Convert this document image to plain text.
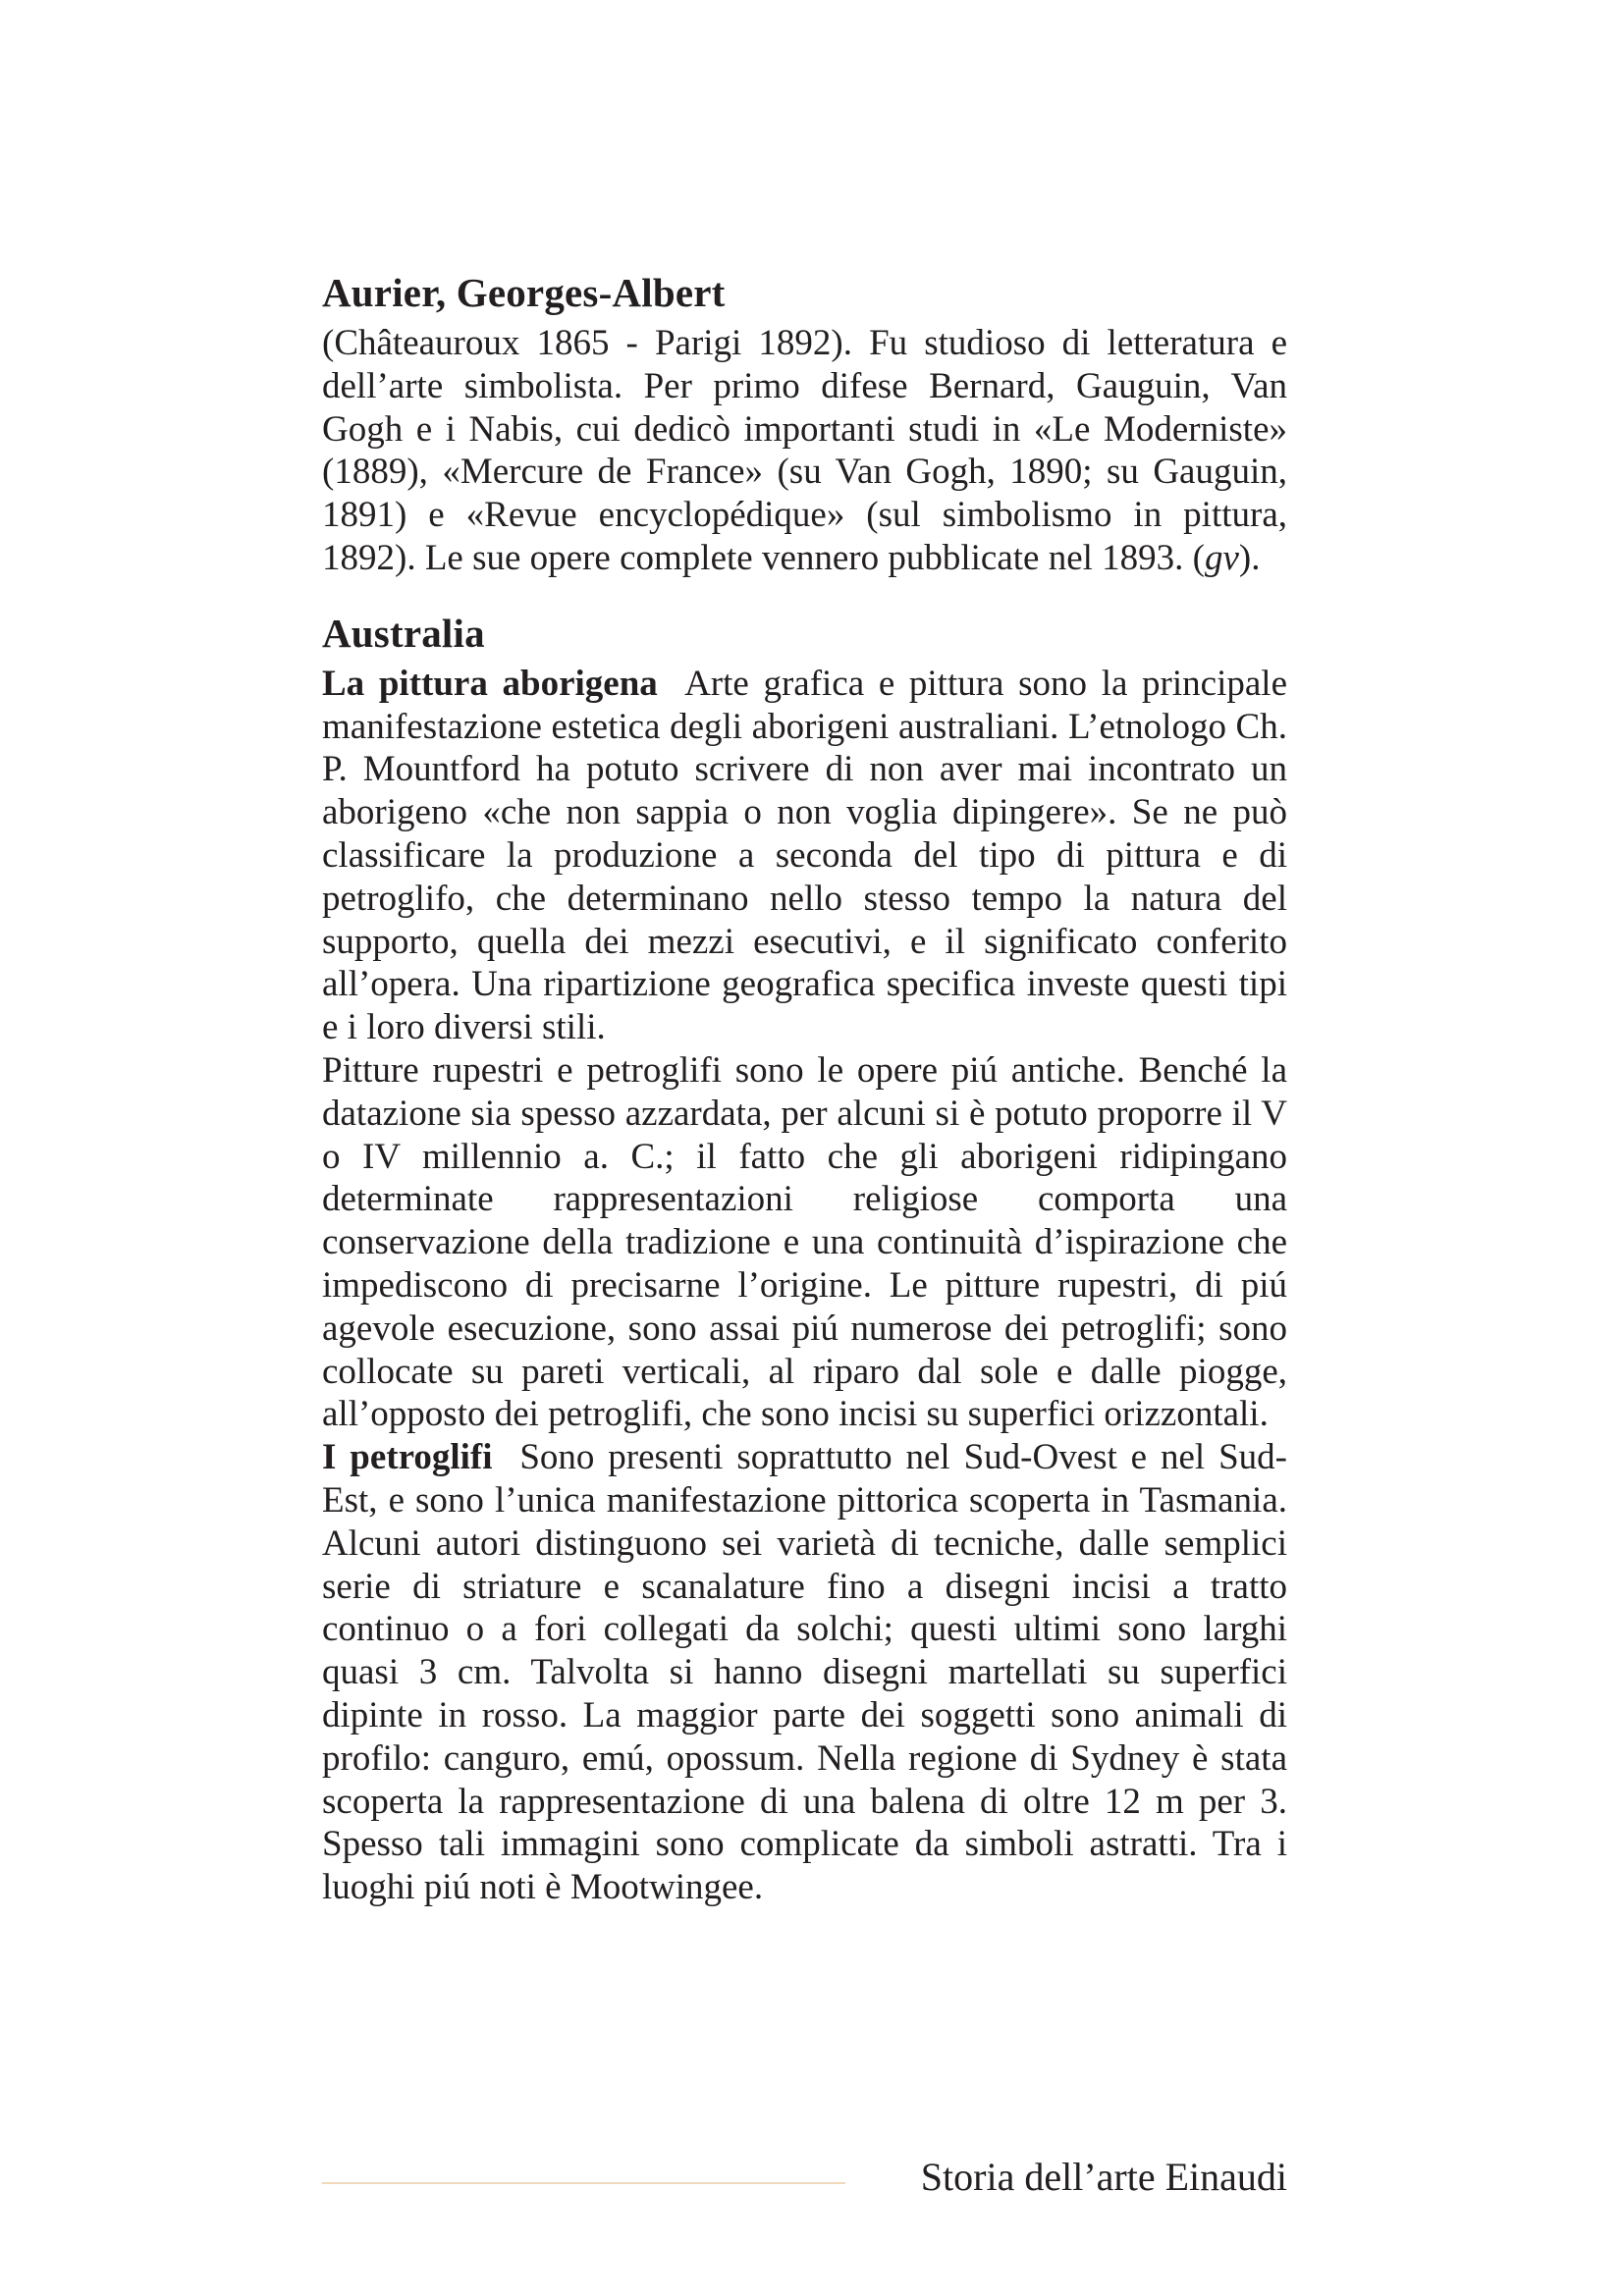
Aurier, Georges-Albert

(Châteauroux 1865 - Parigi 1892). Fu studioso di letteratura e dell’arte simbolista. Per primo difese Bernard, Gauguin, Van Gogh e i Nabis, cui dedicò importanti studi in «Le Moderniste» (1889), «Mercure de France» (su Van Gogh, 1890; su Gauguin, 1891) e «Revue encyclopédique» (sul simbolismo in pittura, 1892). Le sue opere complete vennero pubblicate nel 1893. (gv).

Australia

La pittura aborigena Arte grafica e pittura sono la principale manifestazione estetica degli aborigeni australiani. L’etnologo Ch. P. Mountford ha potuto scrivere di non aver mai incontrato un aborigeno «che non sappia o non voglia dipingere». Se ne può classificare la produzione a seconda del tipo di pittura e di petroglifo, che determinano nello stesso tempo la natura del supporto, quella dei mezzi esecutivi, e il significato conferito all’opera. Una ripartizione geografica specifica investe questi tipi e i loro diversi stili.

Pitture rupestri e petroglifi sono le opere piú antiche. Benché la datazione sia spesso azzardata, per alcuni si è potuto proporre il V o IV millennio a. C.; il fatto che gli aborigeni ridipingano determinate rappresentazioni religiose comporta una conservazione della tradizione e una continuità d’ispirazione che impediscono di precisarne l’origine. Le pitture rupestri, di piú agevole esecuzione, sono assai piú numerose dei petroglifi; sono collocate su pareti verticali, al riparo dal sole e dalle piogge, all’opposto dei petroglifi, che sono incisi su superfici orizzontali.

I petroglifi Sono presenti soprattutto nel Sud-Ovest e nel Sud-Est, e sono l’unica manifestazione pittorica scoperta in Tasmania. Alcuni autori distinguono sei varietà di tecniche, dalle semplici serie di striature e scanalature fino a disegni incisi a tratto continuo o a fori collegati da solchi; questi ultimi sono larghi quasi 3 cm. Talvolta si hanno disegni martellati su superfici dipinte in rosso. La maggior parte dei soggetti sono animali di profilo: canguro, emú, opossum. Nella regione di Sydney è stata scoperta la rappresentazione di una balena di oltre 12 m per 3. Spesso tali immagini sono complicate da simboli astratti. Tra i luoghi piú noti è Mootwingee.

Storia dell’arte Einaudi
